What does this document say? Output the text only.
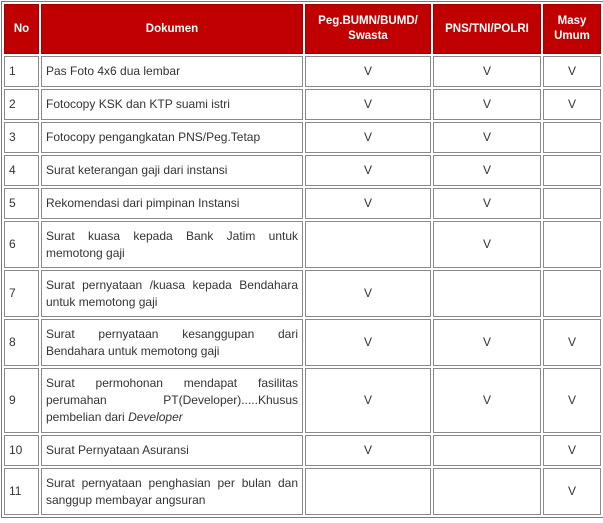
No	Dokumen	Peg.BUMN/BUMD/ Swasta	PNS/TNI/POLRI	Masy Umum
1	Pas Foto 4x6 dua lembar	V	V	V
2	Fotocopy KSK dan KTP suami istri	V	V	V
3	Fotocopy pengangkatan PNS/Peg.Tetap	V	V	
4	Surat keterangan gaji dari instansi	V	V	
5	Rekomendasi dari pimpinan Instansi	V	V	
6	Surat kuasa kepada Bank Jatim untuk memotong gaji		V	
7	Surat pernyataan /kuasa kepada Bendahara untuk memotong gaji	V		
8	Surat pernyataan kesanggupan dari Bendahara untuk memotong gaji	V	V	V
9	Surat permohonan mendapat fasilitas perumahan PT(Developer).....Khusus pembelian dari Developer	V	V	V
10	Surat Pernyataan Asuransi	V		V
11	Surat pernyataan penghasian per bulan dan sanggup membayar angsuran			V
